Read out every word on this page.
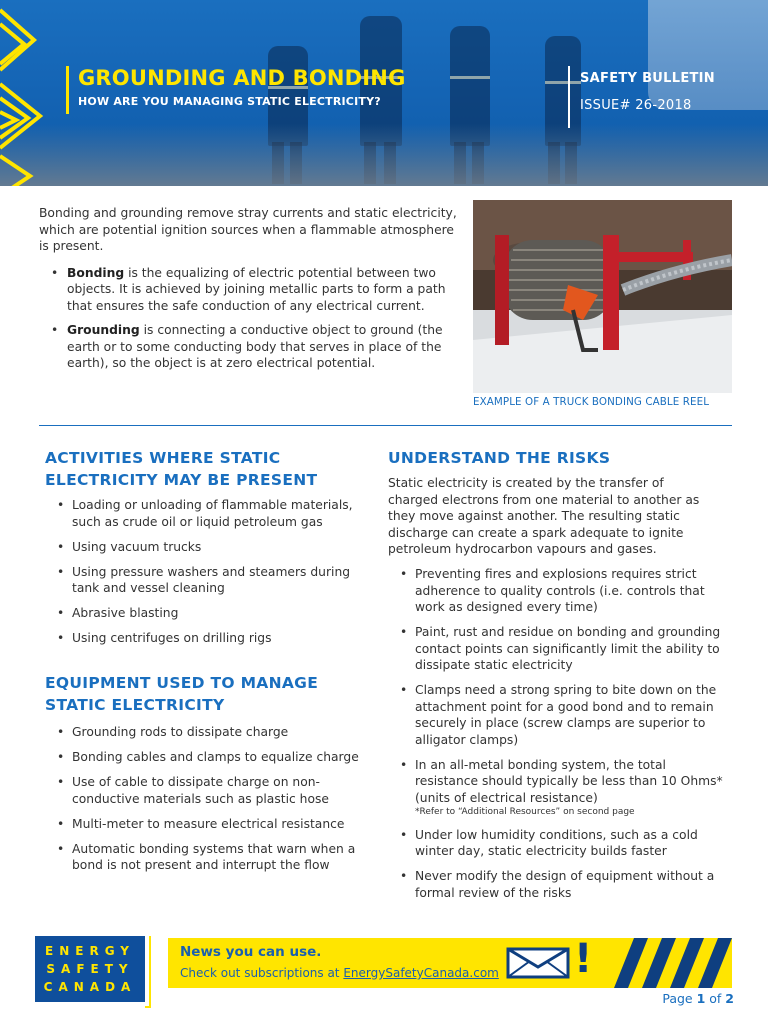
GROUNDING AND BONDING
HOW ARE YOU MANAGING STATIC ELECTRICITY?
SAFETY BULLETIN
ISSUE# 26-2018

Bonding and grounding remove stray currents and static electricity, which are potential ignition sources when a flammable atmosphere is present.

• Bonding is the equalizing of electric potential between two objects. It is achieved by joining metallic parts to form a path that ensures the safe conduction of any electrical current.
• Grounding is connecting a conductive object to ground (the earth or to some conducting body that serves in place of the earth), so the object is at zero electrical potential.
EXAMPLE OF A TRUCK BONDING CABLE REEL
ACTIVITIES WHERE STATIC ELECTRICITY MAY BE PRESENT
• Loading or unloading of flammable materials, such as crude oil or liquid petroleum gas
• Using vacuum trucks
• Using pressure washers and steamers during tank and vessel cleaning
• Abrasive blasting
• Using centrifuges on drilling rigs
EQUIPMENT USED TO MANAGE STATIC ELECTRICITY
• Grounding rods to dissipate charge
• Bonding cables and clamps to equalize charge
• Use of cable to dissipate charge on non-conductive materials such as plastic hose
• Multi-meter to measure electrical resistance
• Automatic bonding systems that warn when a bond is not present and interrupt the flow
UNDERSTAND THE RISKS

Static electricity is created by the transfer of charged electrons from one material to another as they move against another. The resulting static discharge can create a spark adequate to ignite petroleum hydrocarbon vapours and gases.

• Preventing fires and explosions requires strict adherence to quality controls (i.e. controls that work as designed every time)
• Paint, rust and residue on bonding and grounding contact points can significantly limit the ability to dissipate static electricity
• Clamps need a strong spring to bite down on the attachment point for a good bond and to remain securely in place (screw clamps are superior to alligator clamps)
• In an all-metal bonding system, the total resistance should typically be less than 10 Ohms* (units of electrical resistance)
*Refer to “Additional Resources” on second page
• Under low humidity conditions, such as a cold winter day, static electricity builds faster
• Never modify the design of equipment without a formal review of the risks
ENERGY
SAFETY
CANADA
News you can use.
Check out subscriptions at EnergySafetyCanada.com !
Page 1 of 2
